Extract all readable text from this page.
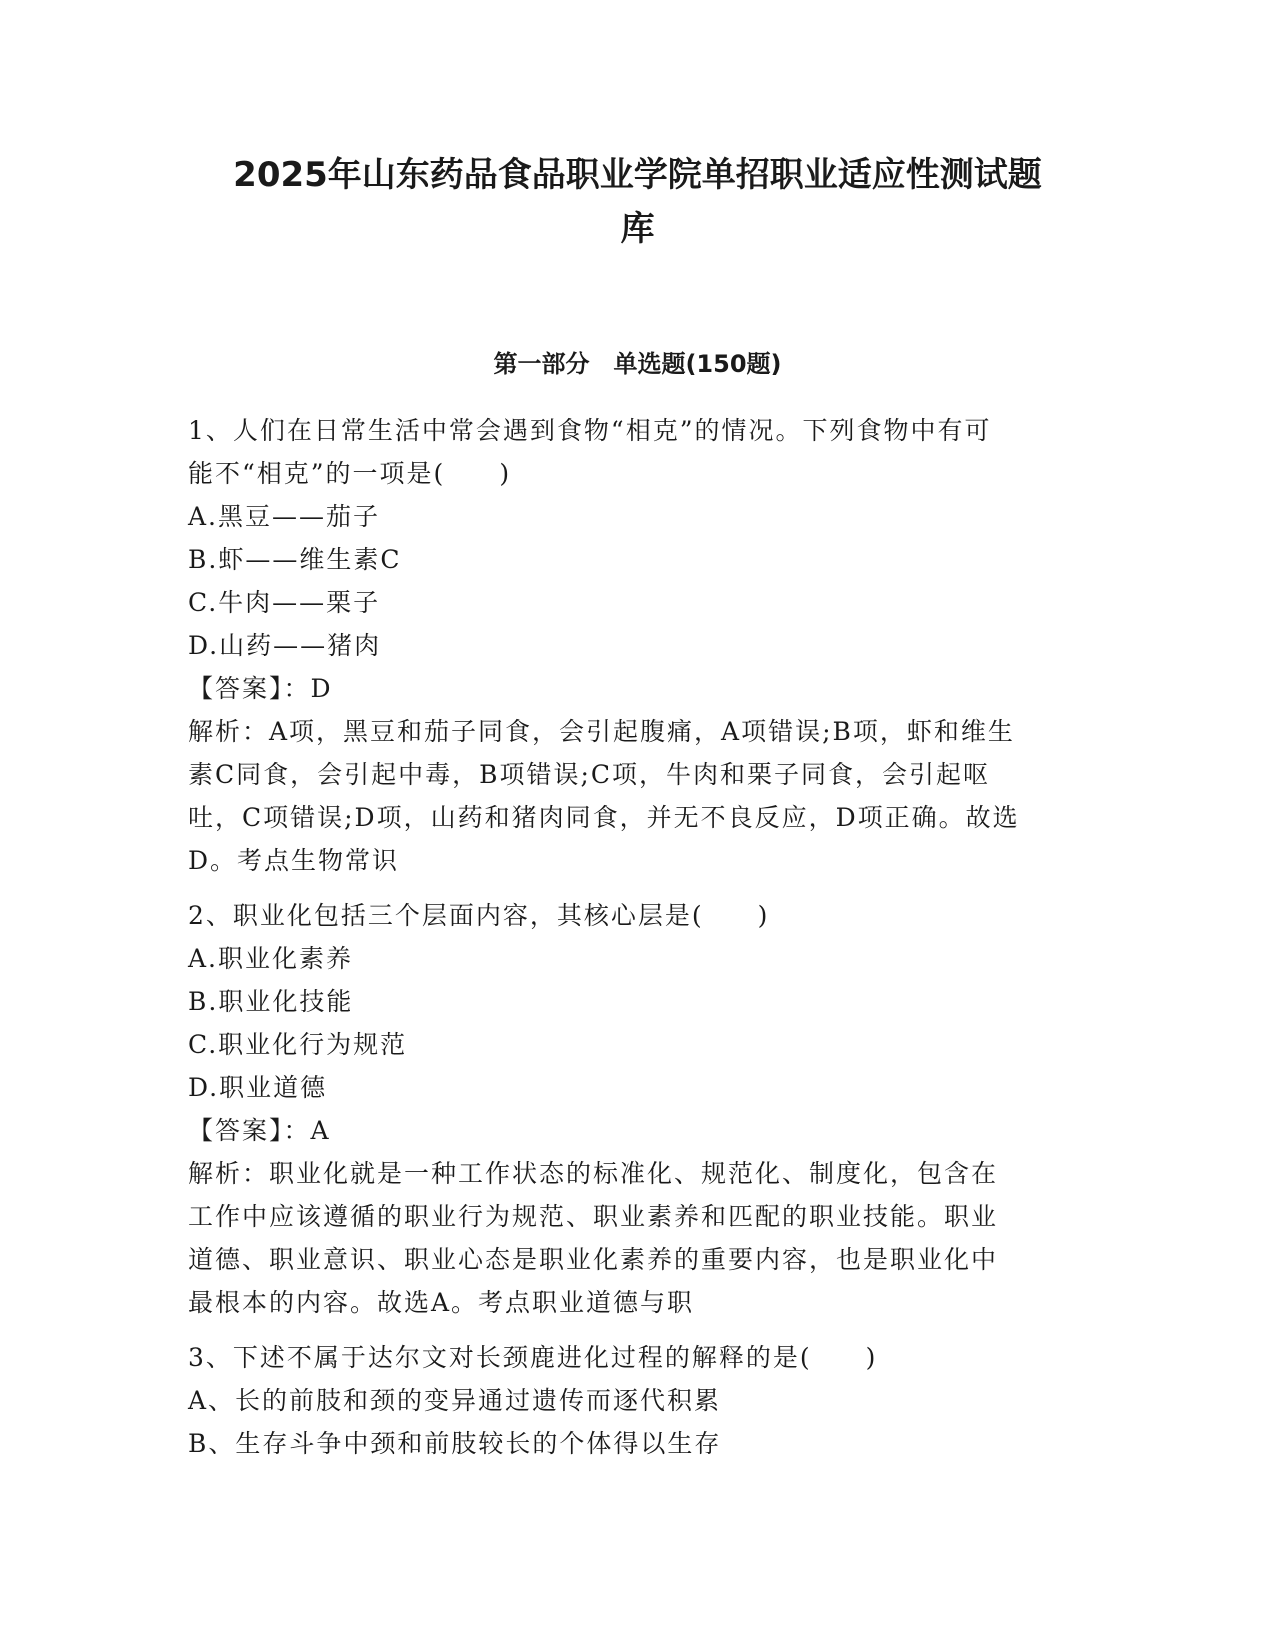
2025年山东药品食品职业学院单招职业适应性测试题
库
第一部分　单选题(150题)

1、人们在日常生活中常会遇到食物“相克”的情况。下列食物中有可

能不“相克”的一项是(　　)

A.黑豆——茄子

B.虾——维生素C

C.牛肉——栗子

D.山药——猪肉

【答案】：D

解析：A项，黑豆和茄子同食，会引起腹痛，A项错误;B项，虾和维生

素C同食，会引起中毒，B项错误;C项，牛肉和栗子同食，会引起呕

吐，C项错误;D项，山药和猪肉同食，并无不良反应，D项正确。故选

D。考点生物常识

2、职业化包括三个层面内容，其核心层是(　　)

A.职业化素养

B.职业化技能

C.职业化行为规范

D.职业道德

【答案】：A

解析：职业化就是一种工作状态的标准化、规范化、制度化，包含在

工作中应该遵循的职业行为规范、职业素养和匹配的职业技能。职业

道德、职业意识、职业心态是职业化素养的重要内容，也是职业化中

最根本的内容。故选A。考点职业道德与职

3、下述不属于达尔文对长颈鹿进化过程的解释的是(　　)

A、长的前肢和颈的变异通过遗传而逐代积累

B、生存斗争中颈和前肢较长的个体得以生存
